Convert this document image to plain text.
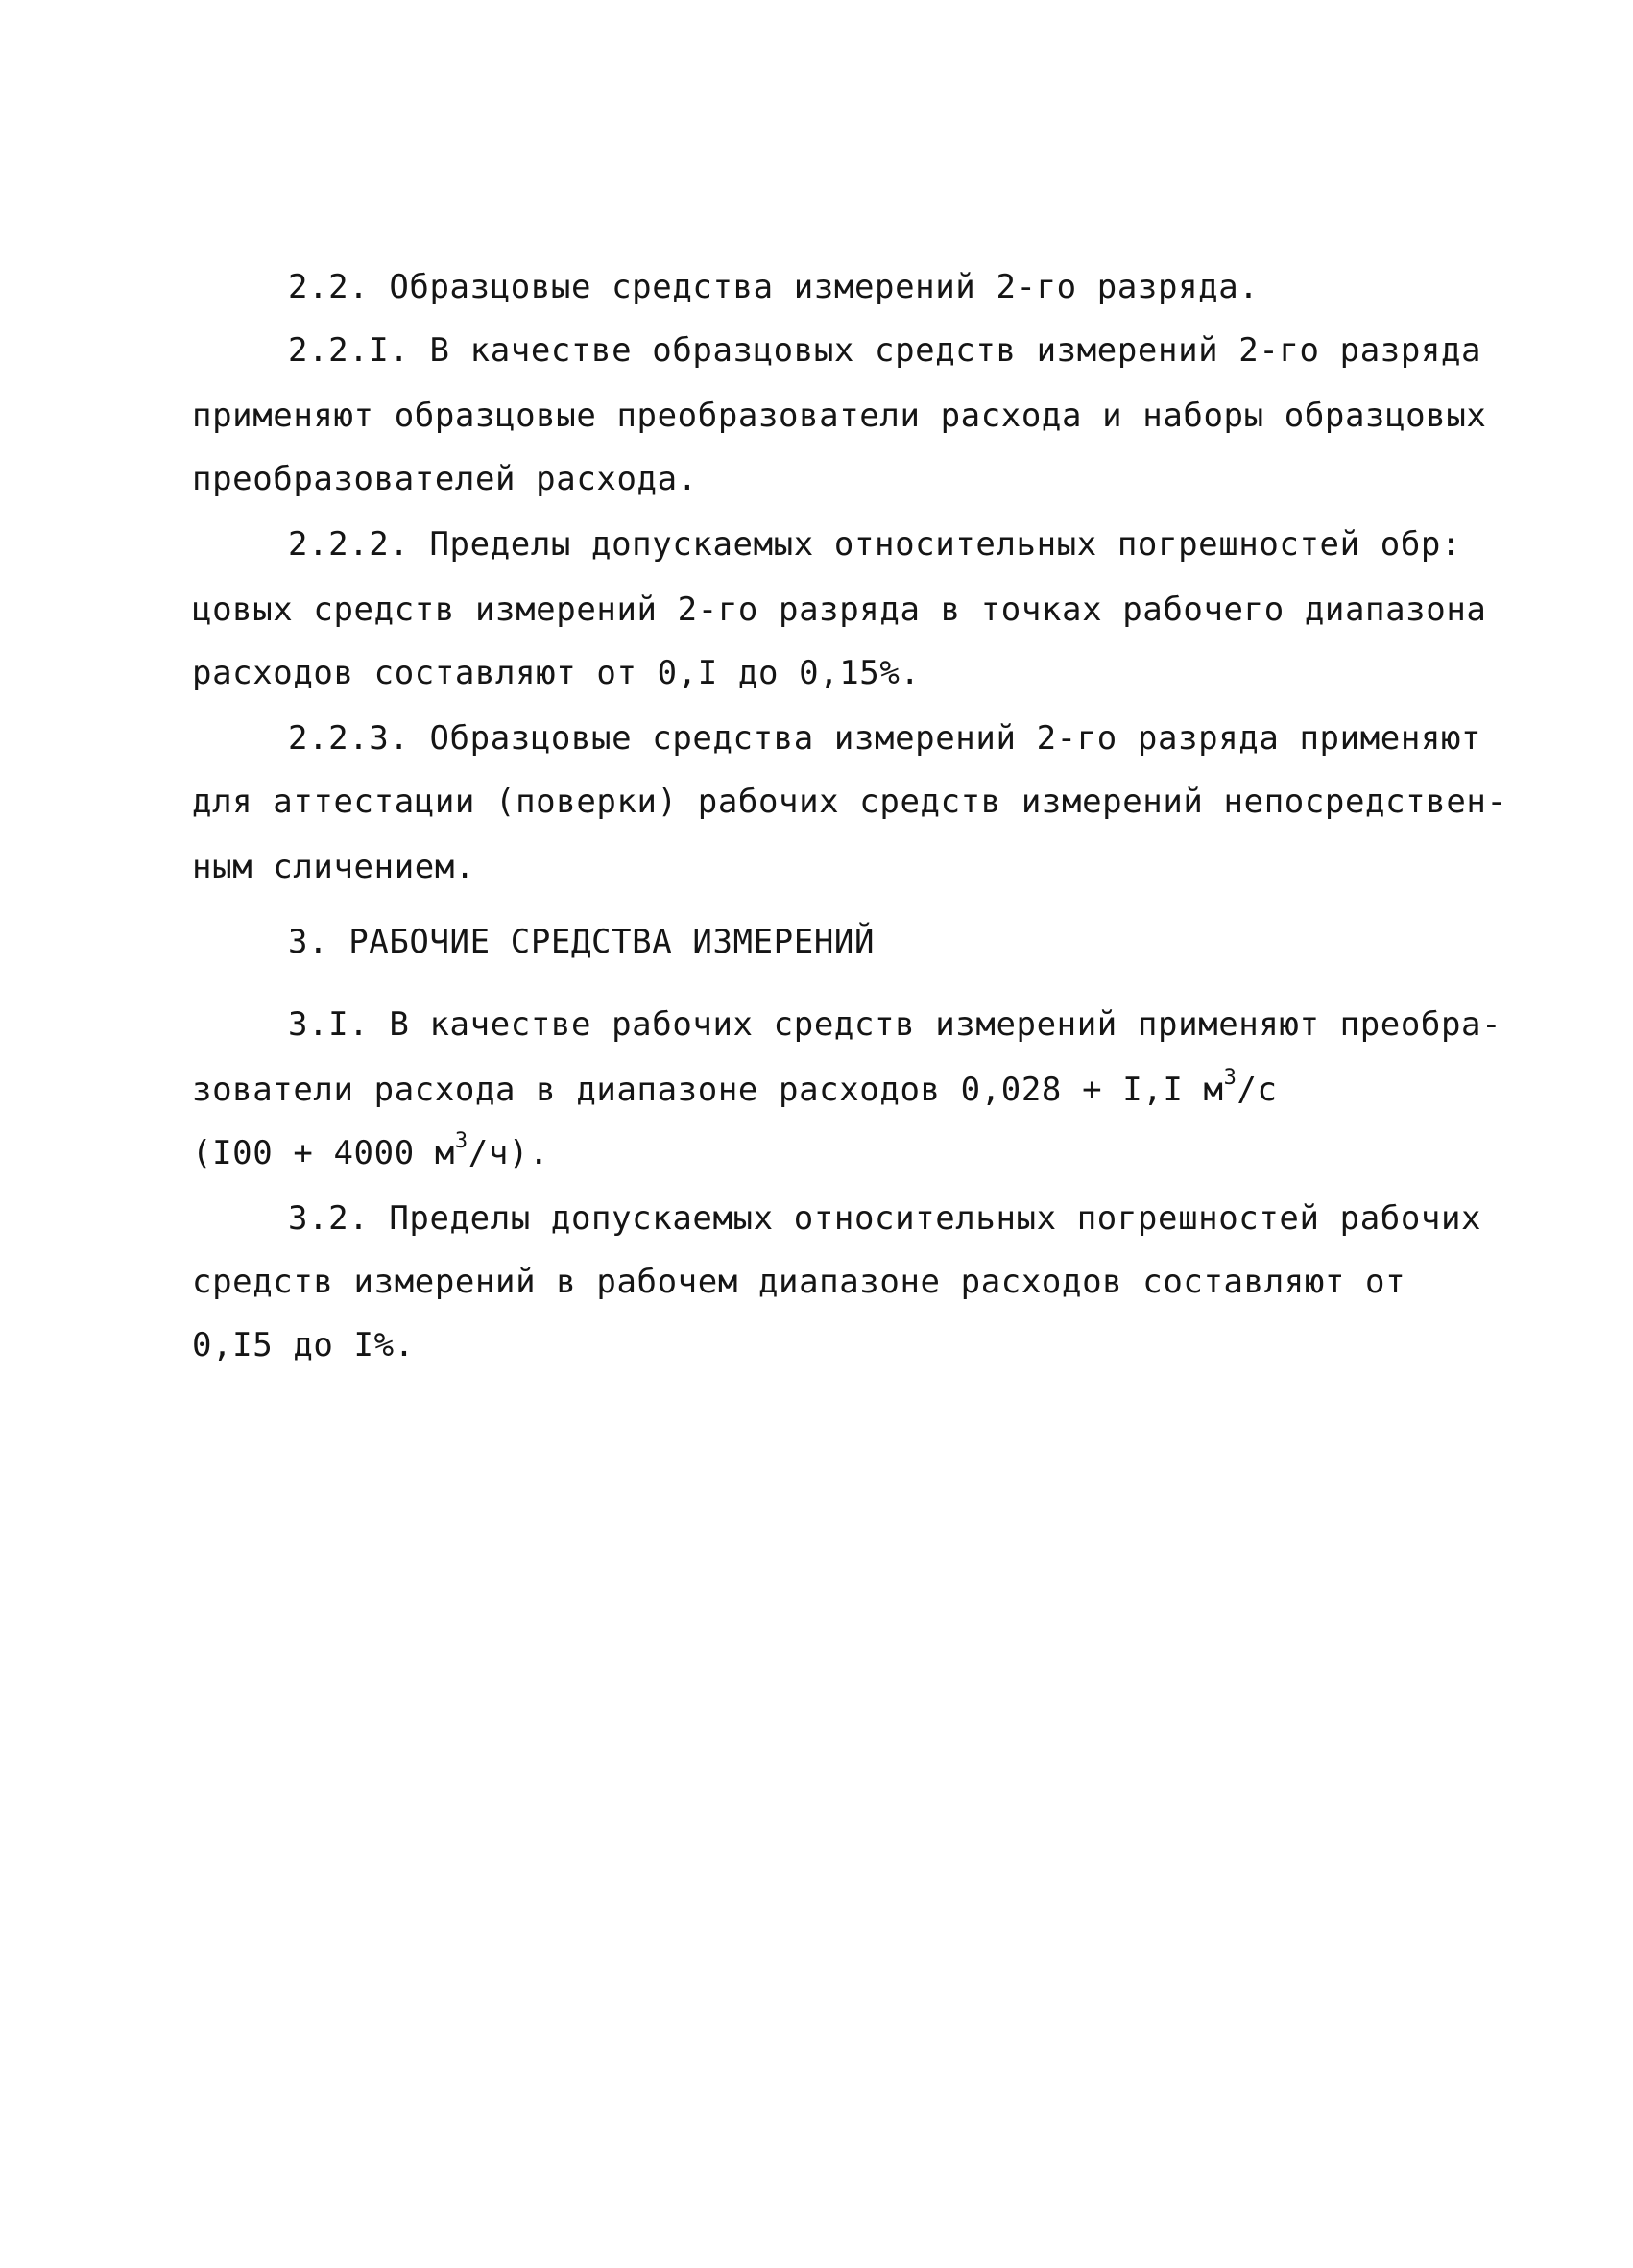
2.2. Образцовые средства измерений 2-го разряда.
2.2.I. В качестве образцовых средств измерений 2-го разряда
применяют образцовые преобразователи расхода и наборы образцовых
преобразователей расхода.
2.2.2. Пределы допускаемых относительных погрешностей обр:
цовых средств измерений 2-го разряда в точках рабочего диапазона
расходов составляют от 0,I до 0,15%.
2.2.3. Образцовые средства измерений 2-го разряда применяют
для аттестации (поверки) рабочих средств измерений непосредствен-
ным сличением.
3. РАБОЧИЕ СРЕДСТВА ИЗМЕРЕНИЙ
3.I. В качестве рабочих средств измерений применяют преобра-
зователи расхода в диапазоне расходов 0,028 + I,I $м^3/с$
(I00 + 4000 $м^3/ч$).
3.2. Пределы допускаемых относительных погрешностей рабочих
средств измерений в рабочем диапазоне расходов составляют от
0,I5 до I%.
